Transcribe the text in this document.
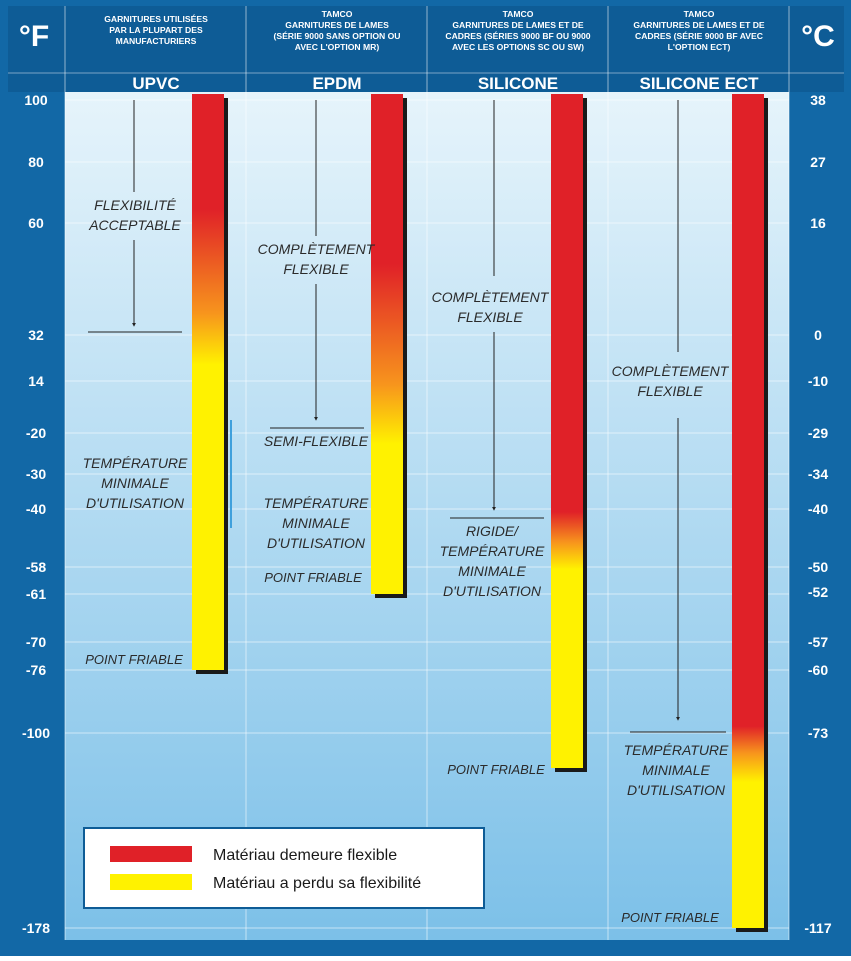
°F	°C
GARNITURES UTILISÉES
PAR LA PLUPART DES
MANUFACTURIERS
UPVC
TAMCO
GARNITURES DE LAMES
(SÉRIE 9000 SANS OPTION OU
AVEC L'OPTION MR)
EPDM
TAMCO
GARNITURES DE LAMES ET DE
CADRES (SÉRIES 9000 BF OU 9000
AVEC LES OPTIONS SC OU SW)
SILICONE
TAMCO
GARNITURES DE LAMES ET DE
CADRES (SÉRIE 9000 BF AVEC
L'OPTION ECT)
SILICONE ECT
100
80
60
32
14
-20
-30
-40
-58
-61
-70
-76
-100
-178
38
27
16
0
-10
-29
-34
-40
-50
-52
-57
-60
-73
-117
FLEXIBILITÉ
ACCEPTABLE
TEMPÉRATURE
MINIMALE
D'UTILISATION
POINT FRIABLE
COMPLÈTEMENT
FLEXIBLE
SEMI-FLEXIBLE
TEMPÉRATURE
MINIMALE
D'UTILISATION
POINT FRIABLE
COMPLÈTEMENT
FLEXIBLE
RIGIDE/
TEMPÉRATURE
MINIMALE
D'UTILISATION
POINT FRIABLE
COMPLÈTEMENT
FLEXIBLE
TEMPÉRATURE
MINIMALE
D'UTILISATION
POINT FRIABLE
Matériau demeure flexible
Matériau a perdu sa flexibilité
